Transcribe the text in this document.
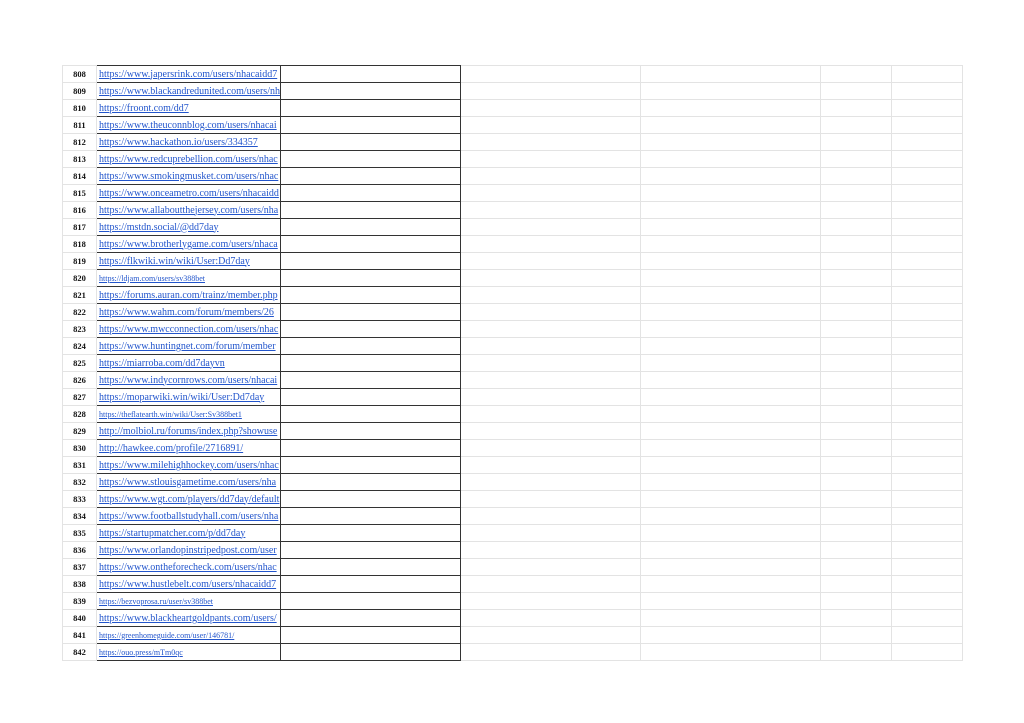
808	https://www.japersrink.com/users/nhacaidd7					
809	https://www.blackandredunited.com/users/nh					
810	https://froont.com/dd7					
811	https://www.theuconnblog.com/users/nhacai					
812	https://www.hackathon.io/users/334357					
813	https://www.redcuprebellion.com/users/nhac					
814	https://www.smokingmusket.com/users/nhac					
815	https://www.onceametro.com/users/nhacaidd					
816	https://www.allaboutthejersey.com/users/nha					
817	https://mstdn.social/@dd7day					
818	https://www.brotherlygame.com/users/nhaca					
819	https://flkwiki.win/wiki/User:Dd7day					
820	https://ldjam.com/users/sv388bet					
821	https://forums.auran.com/trainz/member.php					
822	https://www.wahm.com/forum/members/26					
823	https://www.mwcconnection.com/users/nhac					
824	https://www.huntingnet.com/forum/member					
825	https://miarroba.com/dd7dayvn					
826	https://www.indycornrows.com/users/nhacai					
827	https://moparwiki.win/wiki/User:Dd7day					
828	https://theflatearth.win/wiki/User:Sv388bet1					
829	http://molbiol.ru/forums/index.php?showuse					
830	http://hawkee.com/profile/2716891/					
831	https://www.milehighhockey.com/users/nhac					
832	https://www.stlouisgametime.com/users/nha					
833	https://www.wgt.com/players/dd7day/default					
834	https://www.footballstudyhall.com/users/nha					
835	https://startupmatcher.com/p/dd7day					
836	https://www.orlandopinstripedpost.com/user					
837	https://www.ontheforecheck.com/users/nhac					
838	https://www.hustlebelt.com/users/nhacaidd7					
839	https://bezvoprosa.ru/user/sv388bet					
840	https://www.blackheartgoldpants.com/users/					
841	https://greenhomeguide.com/user/146781/					
842	https://ouo.press/mTm0qc					
